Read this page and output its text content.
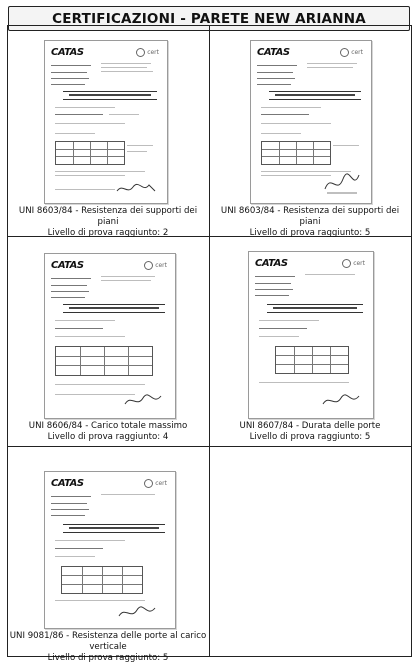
CERTIFICAZIONI - PARETE NEW ARIANNA
CATAS	cert
UNI 8603/84 - Resistenza dei supporti dei piani
Livello di prova raggiunto: 2
CATAS	cert
UNI 8603/84 - Resistenza dei supporti dei piani
Livello di prova raggiunto: 5
CATAS	cert
UNI 8606/84 - Carico totale massimo
Livello di prova raggiunto: 4
CATAS	cert
UNI 8607/84 - Durata delle porte
Livello di prova raggiunto: 5
CATAS	cert
UNI 9081/86 - Resistenza delle porte al carico verticale
Livello di prova raggiunto: 5
